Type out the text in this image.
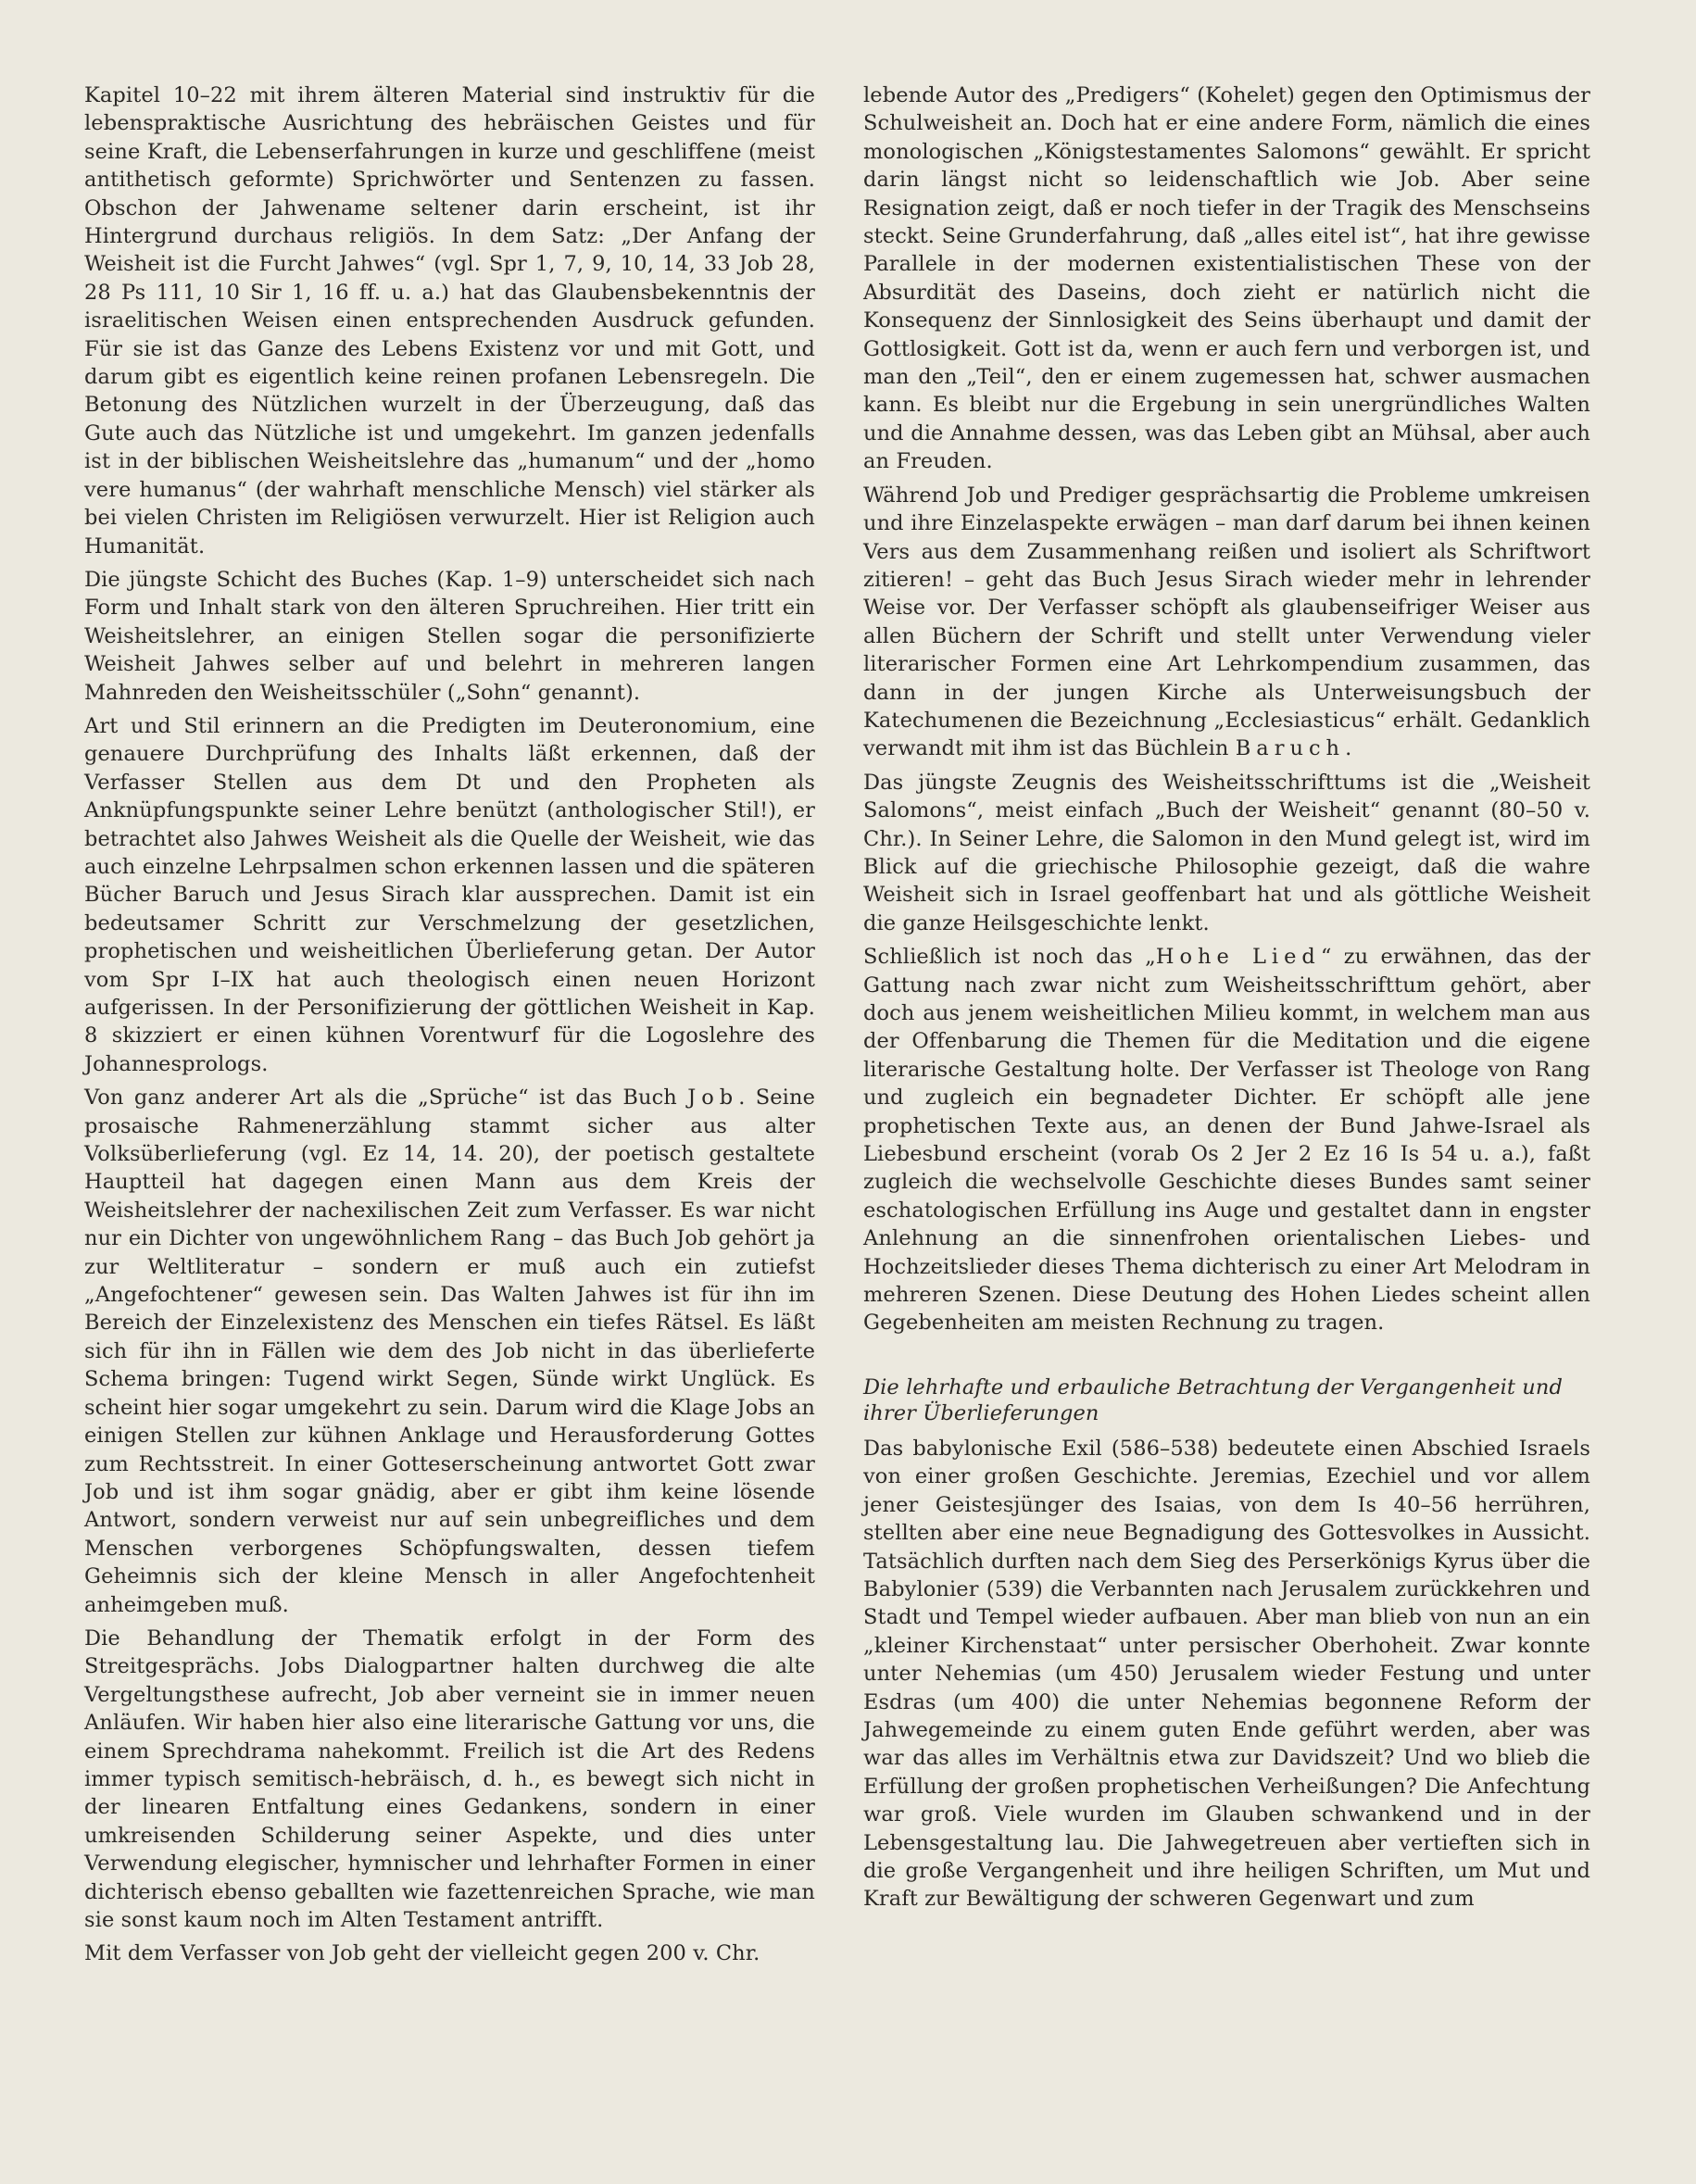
Kapitel 10–22 mit ihrem älteren Material sind instruktiv für die lebenspraktische Ausrichtung des hebräischen Geistes und für seine Kraft, die Lebenserfahrungen in kurze und geschliffene (meist antithetisch geformte) Sprichwörter und Sentenzen zu fassen. Obschon der Jahwename seltener darin erscheint, ist ihr Hintergrund durchaus religiös. In dem Satz: „Der Anfang der Weisheit ist die Furcht Jahwes“ (vgl. Spr 1, 7, 9, 10, 14, 33 Job 28, 28 Ps 111, 10 Sir 1, 16 ff. u. a.) hat das Glaubensbekenntnis der israelitischen Weisen einen entsprechenden Ausdruck gefunden. Für sie ist das Ganze des Lebens Existenz vor und mit Gott, und darum gibt es eigentlich keine reinen profanen Lebensregeln. Die Betonung des Nützlichen wurzelt in der Überzeugung, daß das Gute auch das Nützliche ist und umgekehrt. Im ganzen jedenfalls ist in der biblischen Weisheitslehre das „humanum“ und der „homo vere humanus“ (der wahrhaft menschliche Mensch) viel stärker als bei vielen Christen im Religiösen verwurzelt. Hier ist Religion auch Humanität.

Die jüngste Schicht des Buches (Kap. 1–9) unterscheidet sich nach Form und Inhalt stark von den älteren Spruchreihen. Hier tritt ein Weisheitslehrer, an einigen Stellen sogar die personifizierte Weisheit Jahwes selber auf und belehrt in mehreren langen Mahnreden den Weisheitsschüler („Sohn“ genannt).

Art und Stil erinnern an die Predigten im Deuteronomium, eine genauere Durchprüfung des Inhalts läßt erkennen, daß der Verfasser Stellen aus dem Dt und den Propheten als Anknüpfungspunkte seiner Lehre benützt (anthologischer Stil!), er betrachtet also Jahwes Weisheit als die Quelle der Weisheit, wie das auch einzelne Lehrpsalmen schon erkennen lassen und die späteren Bücher Baruch und Jesus Sirach klar aussprechen. Damit ist ein bedeutsamer Schritt zur Verschmelzung der gesetzlichen, prophetischen und weisheitlichen Überlieferung getan. Der Autor vom Spr I–IX hat auch theologisch einen neuen Horizont aufgerissen. In der Personifizierung der göttlichen Weisheit in Kap. 8 skizziert er einen kühnen Vorentwurf für die Logoslehre des Johannesprologs.

Von ganz anderer Art als die „Sprüche“ ist das Buch Job. Seine prosaische Rahmenerzählung stammt sicher aus alter Volksüberlieferung (vgl. Ez 14, 14. 20), der poetisch gestaltete Hauptteil hat dagegen einen Mann aus dem Kreis der Weisheitslehrer der nachexilischen Zeit zum Verfasser. Es war nicht nur ein Dichter von ungewöhnlichem Rang – das Buch Job gehört ja zur Weltliteratur – sondern er muß auch ein zutiefst „Angefochtener“ gewesen sein. Das Walten Jahwes ist für ihn im Bereich der Einzelexistenz des Menschen ein tiefes Rätsel. Es läßt sich für ihn in Fällen wie dem des Job nicht in das überlieferte Schema bringen: Tugend wirkt Segen, Sünde wirkt Unglück. Es scheint hier sogar umgekehrt zu sein. Darum wird die Klage Jobs an einigen Stellen zur kühnen Anklage und Herausforderung Gottes zum Rechtsstreit. In einer Gotteserscheinung antwortet Gott zwar Job und ist ihm sogar gnädig, aber er gibt ihm keine lösende Antwort, sondern verweist nur auf sein unbegreifliches und dem Menschen verborgenes Schöpfungswalten, dessen tiefem Geheimnis sich der kleine Mensch in aller Angefochtenheit anheimgeben muß.

Die Behandlung der Thematik erfolgt in der Form des Streitgesprächs. Jobs Dialogpartner halten durchweg die alte Vergeltungsthese aufrecht, Job aber verneint sie in immer neuen Anläufen. Wir haben hier also eine literarische Gattung vor uns, die einem Sprechdrama nahekommt. Freilich ist die Art des Redens immer typisch semitisch-hebräisch, d. h., es bewegt sich nicht in der linearen Entfaltung eines Gedankens, sondern in einer umkreisenden Schilderung seiner Aspekte, und dies unter Verwendung elegischer, hymnischer und lehrhafter Formen in einer dichterisch ebenso geballten wie fazettenreichen Sprache, wie man sie sonst kaum noch im Alten Testament antrifft.

Mit dem Verfasser von Job geht der vielleicht gegen 200 v. Chr.

lebende Autor des „Predigers“ (Kohelet) gegen den Optimismus der Schulweisheit an. Doch hat er eine andere Form, nämlich die eines monologischen „Königstestamentes Salomons“ gewählt. Er spricht darin längst nicht so leidenschaftlich wie Job. Aber seine Resignation zeigt, daß er noch tiefer in der Tragik des Menschseins steckt. Seine Grunderfahrung, daß „alles eitel ist“, hat ihre gewisse Parallele in der modernen existentialistischen These von der Absurdität des Daseins, doch zieht er natürlich nicht die Konsequenz der Sinnlosigkeit des Seins überhaupt und damit der Gottlosigkeit. Gott ist da, wenn er auch fern und verborgen ist, und man den „Teil“, den er einem zugemessen hat, schwer ausmachen kann. Es bleibt nur die Ergebung in sein unergründliches Walten und die Annahme dessen, was das Leben gibt an Mühsal, aber auch an Freuden.

Während Job und Prediger gesprächsartig die Probleme umkreisen und ihre Einzelaspekte erwägen – man darf darum bei ihnen keinen Vers aus dem Zusammenhang reißen und isoliert als Schriftwort zitieren! – geht das Buch Jesus Sirach wieder mehr in lehrender Weise vor. Der Verfasser schöpft als glaubenseifriger Weiser aus allen Büchern der Schrift und stellt unter Verwendung vieler literarischer Formen eine Art Lehrkompendium zusammen, das dann in der jungen Kirche als Unterweisungsbuch der Katechumenen die Bezeichnung „Ecclesiasticus“ erhält. Gedanklich verwandt mit ihm ist das Büchlein Baruch.

Das jüngste Zeugnis des Weisheitsschrifttums ist die „Weisheit Salomons“, meist einfach „Buch der Weisheit“ genannt (80–50 v. Chr.). In Seiner Lehre, die Salomon in den Mund gelegt ist, wird im Blick auf die griechische Philosophie gezeigt, daß die wahre Weisheit sich in Israel geoffenbart hat und als göttliche Weisheit die ganze Heilsgeschichte lenkt.

Schließlich ist noch das „Hohe Lied“ zu erwähnen, das der Gattung nach zwar nicht zum Weisheitsschrifttum gehört, aber doch aus jenem weisheitlichen Milieu kommt, in welchem man aus der Offenbarung die Themen für die Meditation und die eigene literarische Gestaltung holte. Der Verfasser ist Theologe von Rang und zugleich ein begnadeter Dichter. Er schöpft alle jene prophetischen Texte aus, an denen der Bund Jahwe-Israel als Liebesbund erscheint (vorab Os 2 Jer 2 Ez 16 Is 54 u. a.), faßt zugleich die wechselvolle Geschichte dieses Bundes samt seiner eschatologischen Erfüllung ins Auge und gestaltet dann in engster Anlehnung an die sinnenfrohen orientalischen Liebes- und Hochzeitslieder dieses Thema dichterisch zu einer Art Melodram in mehreren Szenen. Diese Deutung des Hohen Liedes scheint allen Gegebenheiten am meisten Rechnung zu tragen.

Die lehrhafte und erbauliche Betrachtung der Vergangenheit und ihrer Überlieferungen

Das babylonische Exil (586–538) bedeutete einen Abschied Israels von einer großen Geschichte. Jeremias, Ezechiel und vor allem jener Geistesjünger des Isaias, von dem Is 40–56 herrühren, stellten aber eine neue Begnadigung des Gottesvolkes in Aussicht. Tatsächlich durften nach dem Sieg des Perserkönigs Kyrus über die Babylonier (539) die Verbannten nach Jerusalem zurückkehren und Stadt und Tempel wieder aufbauen. Aber man blieb von nun an ein „kleiner Kirchenstaat“ unter persischer Oberhoheit. Zwar konnte unter Nehemias (um 450) Jerusalem wieder Festung und unter Esdras (um 400) die unter Nehemias begonnene Reform der Jahwegemeinde zu einem guten Ende geführt werden, aber was war das alles im Verhältnis etwa zur Davidszeit? Und wo blieb die Erfüllung der großen prophetischen Verheißungen? Die Anfechtung war groß. Viele wurden im Glauben schwankend und in der Lebensgestaltung lau. Die Jahwegetreuen aber vertieften sich in die große Vergangenheit und ihre heiligen Schriften, um Mut und Kraft zur Bewältigung der schweren Gegenwart und zum
